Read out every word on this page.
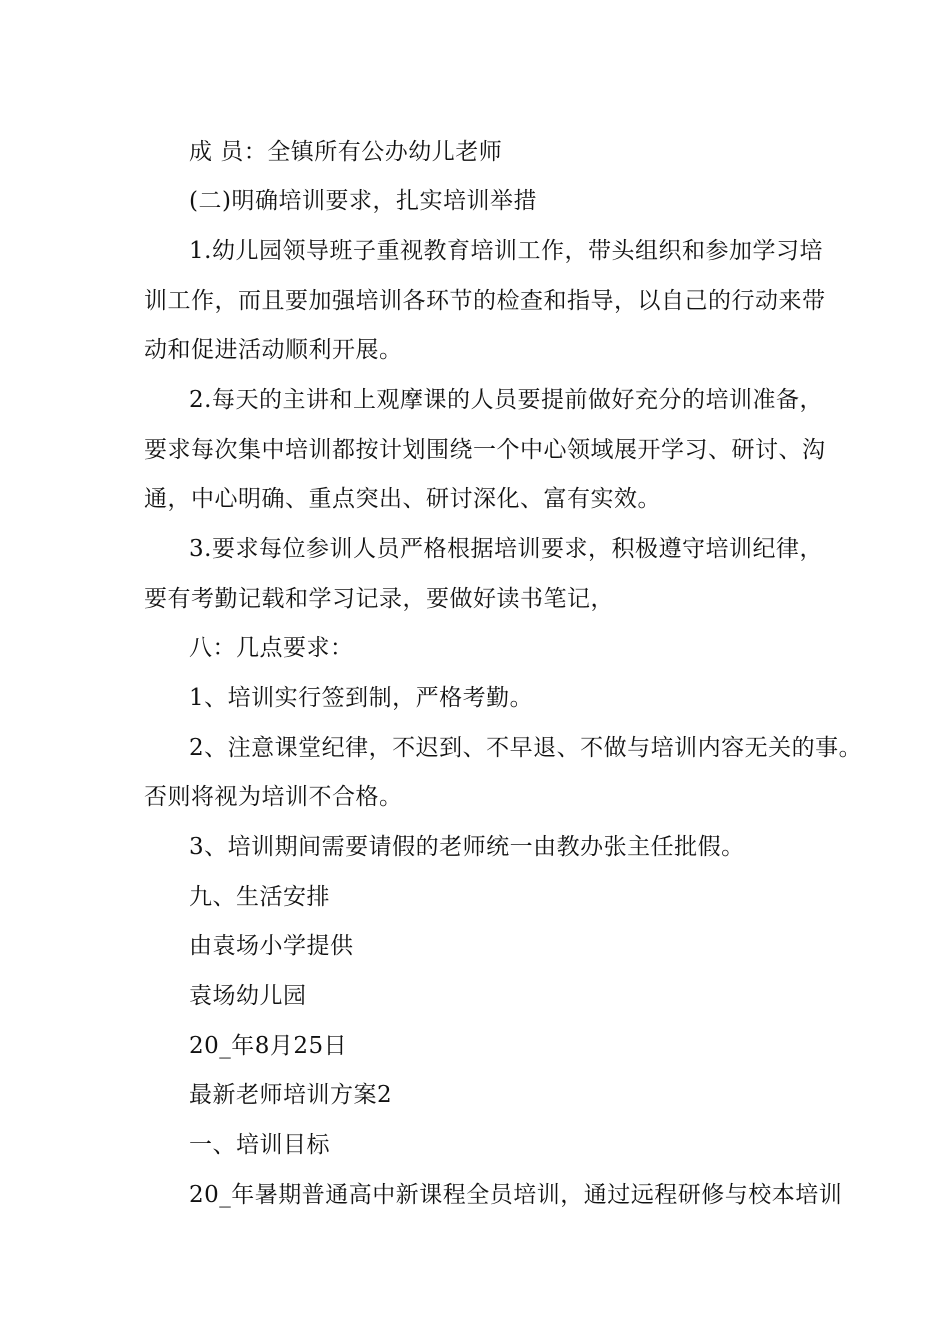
成 员：全镇所有公办幼儿老师
(二)明确培训要求，扎实培训举措
1.幼儿园领导班子重视教育培训工作，带头组织和参加学习培
训工作，而且要加强培训各环节的检查和指导，以自己的行动来带
动和促进活动顺利开展。
2.每天的主讲和上观摩课的人员要提前做好充分的培训准备，
要求每次集中培训都按计划围绕一个中心领域展开学习、研讨、沟
通，中心明确、重点突出、研讨深化、富有实效。
3.要求每位参训人员严格根据培训要求，积极遵守培训纪律，
要有考勤记载和学习记录，要做好读书笔记，
八：几点要求：
1、培训实行签到制，严格考勤。
2、注意课堂纪律，不迟到、不早退、不做与培训内容无关的事。
否则将视为培训不合格。
3、培训期间需要请假的老师统一由教办张主任批假。
九、生活安排
由袁场小学提供
袁场幼儿园
20_年8月25日
最新老师培训方案2
一、培训目标
20_年暑期普通高中新课程全员培训，通过远程研修与校本培训
